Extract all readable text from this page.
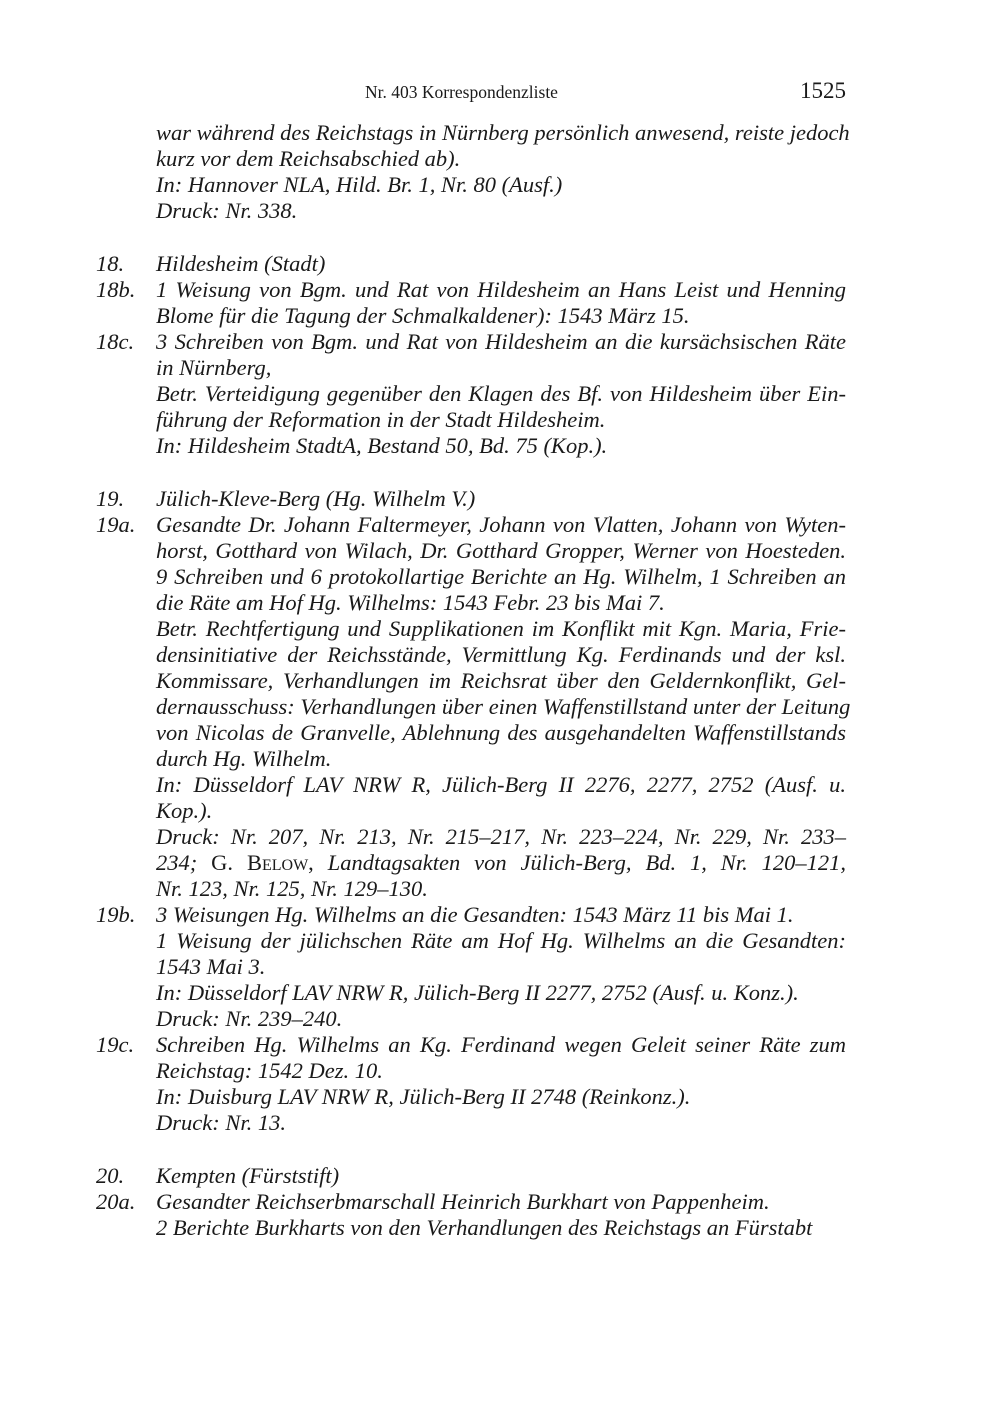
Nr. 403 Korrespondenzliste	1525
war während des Reichstags in Nürnberg persönlich anwesend, reiste jedoch
kurz vor dem Reichsabschied ab).
In: Hannover NLA, Hild. Br. 1, Nr. 80 (Ausf.)
Druck: Nr. 338.
18. Hildesheim (Stadt)
18b. 1 Weisung von Bgm. und Rat von Hildesheim an Hans Leist und Henning
Blome für die Tagung der Schmalkaldener): 1543 März 15.
18c. 3 Schreiben von Bgm. und Rat von Hildesheim an die kursächsischen Räte
in Nürnberg,
Betr. Verteidigung gegenüber den Klagen des Bf. von Hildesheim über Ein-
führung der Reformation in der Stadt Hildesheim.
In: Hildesheim StadtA, Bestand 50, Bd. 75 (Kop.).
19. Jülich-Kleve-Berg (Hg. Wilhelm V.)
19a. Gesandte Dr. Johann Faltermeyer, Johann von Vlatten, Johann von Wyten-
horst, Gotthard von Wilach, Dr. Gotthard Gropper, Werner von Hoesteden.
9 Schreiben und 6 protokollartige Berichte an Hg. Wilhelm, 1 Schreiben an
die Räte am Hof Hg. Wilhelms: 1543 Febr. 23 bis Mai 7.
Betr. Rechtfertigung und Supplikationen im Konflikt mit Kgn. Maria, Frie-
densinitiative der Reichsstände, Vermittlung Kg. Ferdinands und der ksl.
Kommissare, Verhandlungen im Reichsrat über den Geldernkonflikt, Gel-
dernausschuss: Verhandlungen über einen Waffenstillstand unter der Leitung
von Nicolas de Granvelle, Ablehnung des ausgehandelten Waffenstillstands
durch Hg. Wilhelm.
In: Düsseldorf LAV NRW R, Jülich-Berg II 2276, 2277, 2752 (Ausf. u.
Kop.).
Druck: Nr. 207, Nr. 213, Nr. 215–217, Nr. 223–224, Nr. 229, Nr. 233–
234; G. Below, Landtagsakten von Jülich-Berg, Bd. 1, Nr. 120–121,
Nr. 123, Nr. 125, Nr. 129–130.
19b. 3 Weisungen Hg. Wilhelms an die Gesandten: 1543 März 11 bis Mai 1.
1 Weisung der jülichschen Räte am Hof Hg. Wilhelms an die Gesandten:
1543 Mai 3.
In: Düsseldorf LAV NRW R, Jülich-Berg II 2277, 2752 (Ausf. u. Konz.).
Druck: Nr. 239–240.
19c. Schreiben Hg. Wilhelms an Kg. Ferdinand wegen Geleit seiner Räte zum
Reichstag: 1542 Dez. 10.
In: Duisburg LAV NRW R, Jülich-Berg II 2748 (Reinkonz.).
Druck: Nr. 13.
20. Kempten (Fürststift)
20a. Gesandter Reichserbmarschall Heinrich Burkhart von Pappenheim.
2 Berichte Burkharts von den Verhandlungen des Reichstags an Fürstabt
